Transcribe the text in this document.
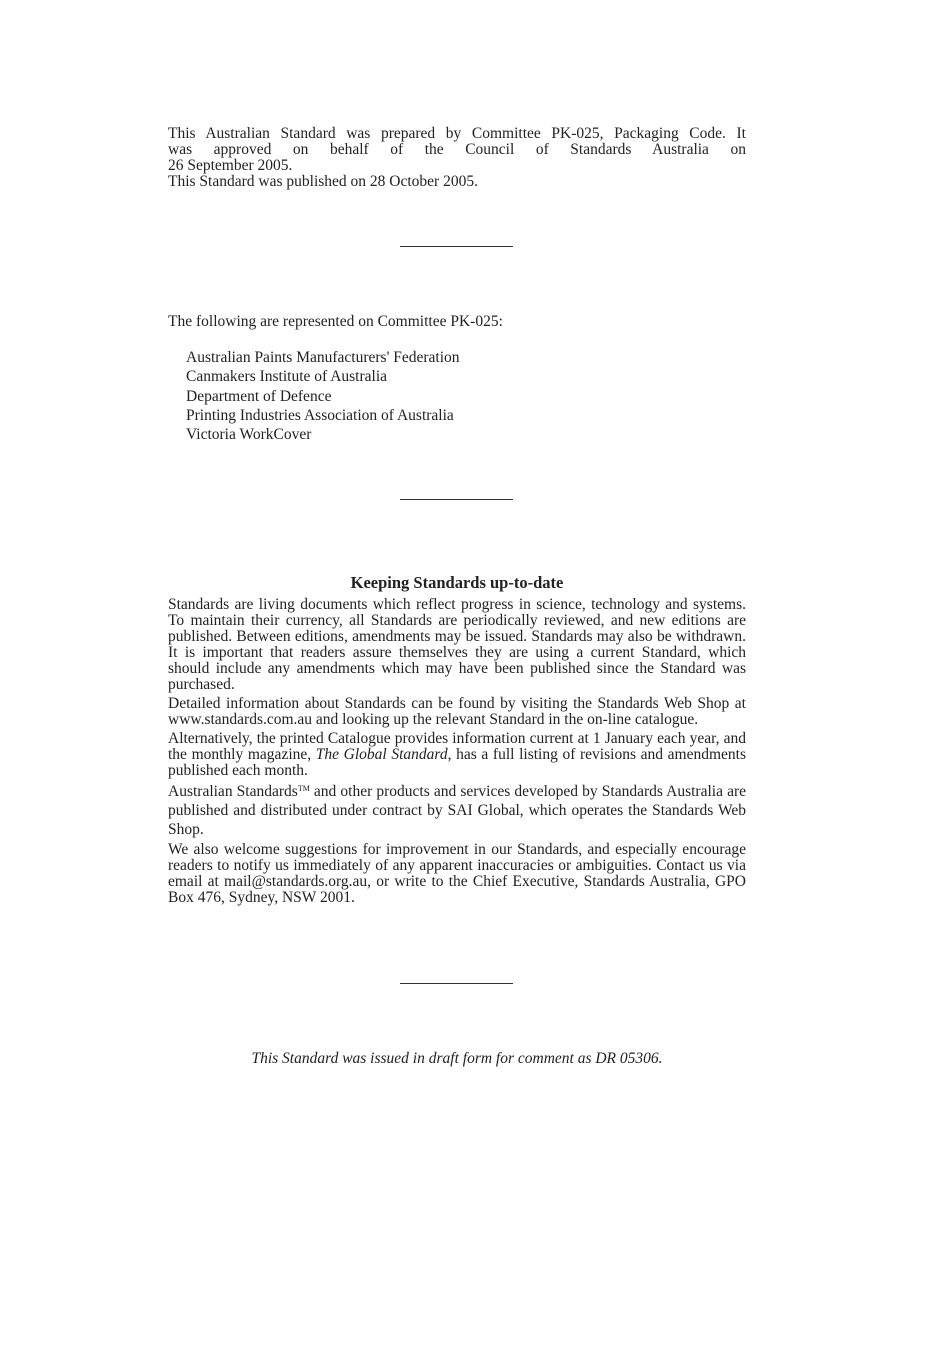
This Australian Standard was prepared by Committee PK-025, Packaging Code. It
was approved on behalf of the Council of Standards Australia on
26 September 2005.
This Standard was published on 28 October 2005.
The following are represented on Committee PK-025:
Australian Paints Manufacturers' Federation
Canmakers Institute of Australia
Department of Defence
Printing Industries Association of Australia
Victoria WorkCover
Keeping Standards up-to-date

Standards are living documents which reflect progress in science, technology and systems. To maintain their currency, all Standards are periodically reviewed, and new editions are published. Between editions, amendments may be issued. Standards may also be withdrawn. It is important that readers assure themselves they are using a current Standard, which should include any amendments which may have been published since the Standard was purchased.

Detailed information about Standards can be found by visiting the Standards Web Shop at www.standards.com.au and looking up the relevant Standard in the on-line catalogue.

Alternatively, the printed Catalogue provides information current at 1 January each year, and the monthly magazine, The Global Standard, has a full listing of revisions and amendments published each month.

Australian Standards™ and other products and services developed by Standards Australia are published and distributed under contract by SAI Global, which operates the Standards Web Shop.

We also welcome suggestions for improvement in our Standards, and especially encourage readers to notify us immediately of any apparent inaccuracies or ambiguities. Contact us via email at mail@standards.org.au, or write to the Chief Executive, Standards Australia, GPO Box 476, Sydney, NSW 2001.

This Standard was issued in draft form for comment as DR 05306.
